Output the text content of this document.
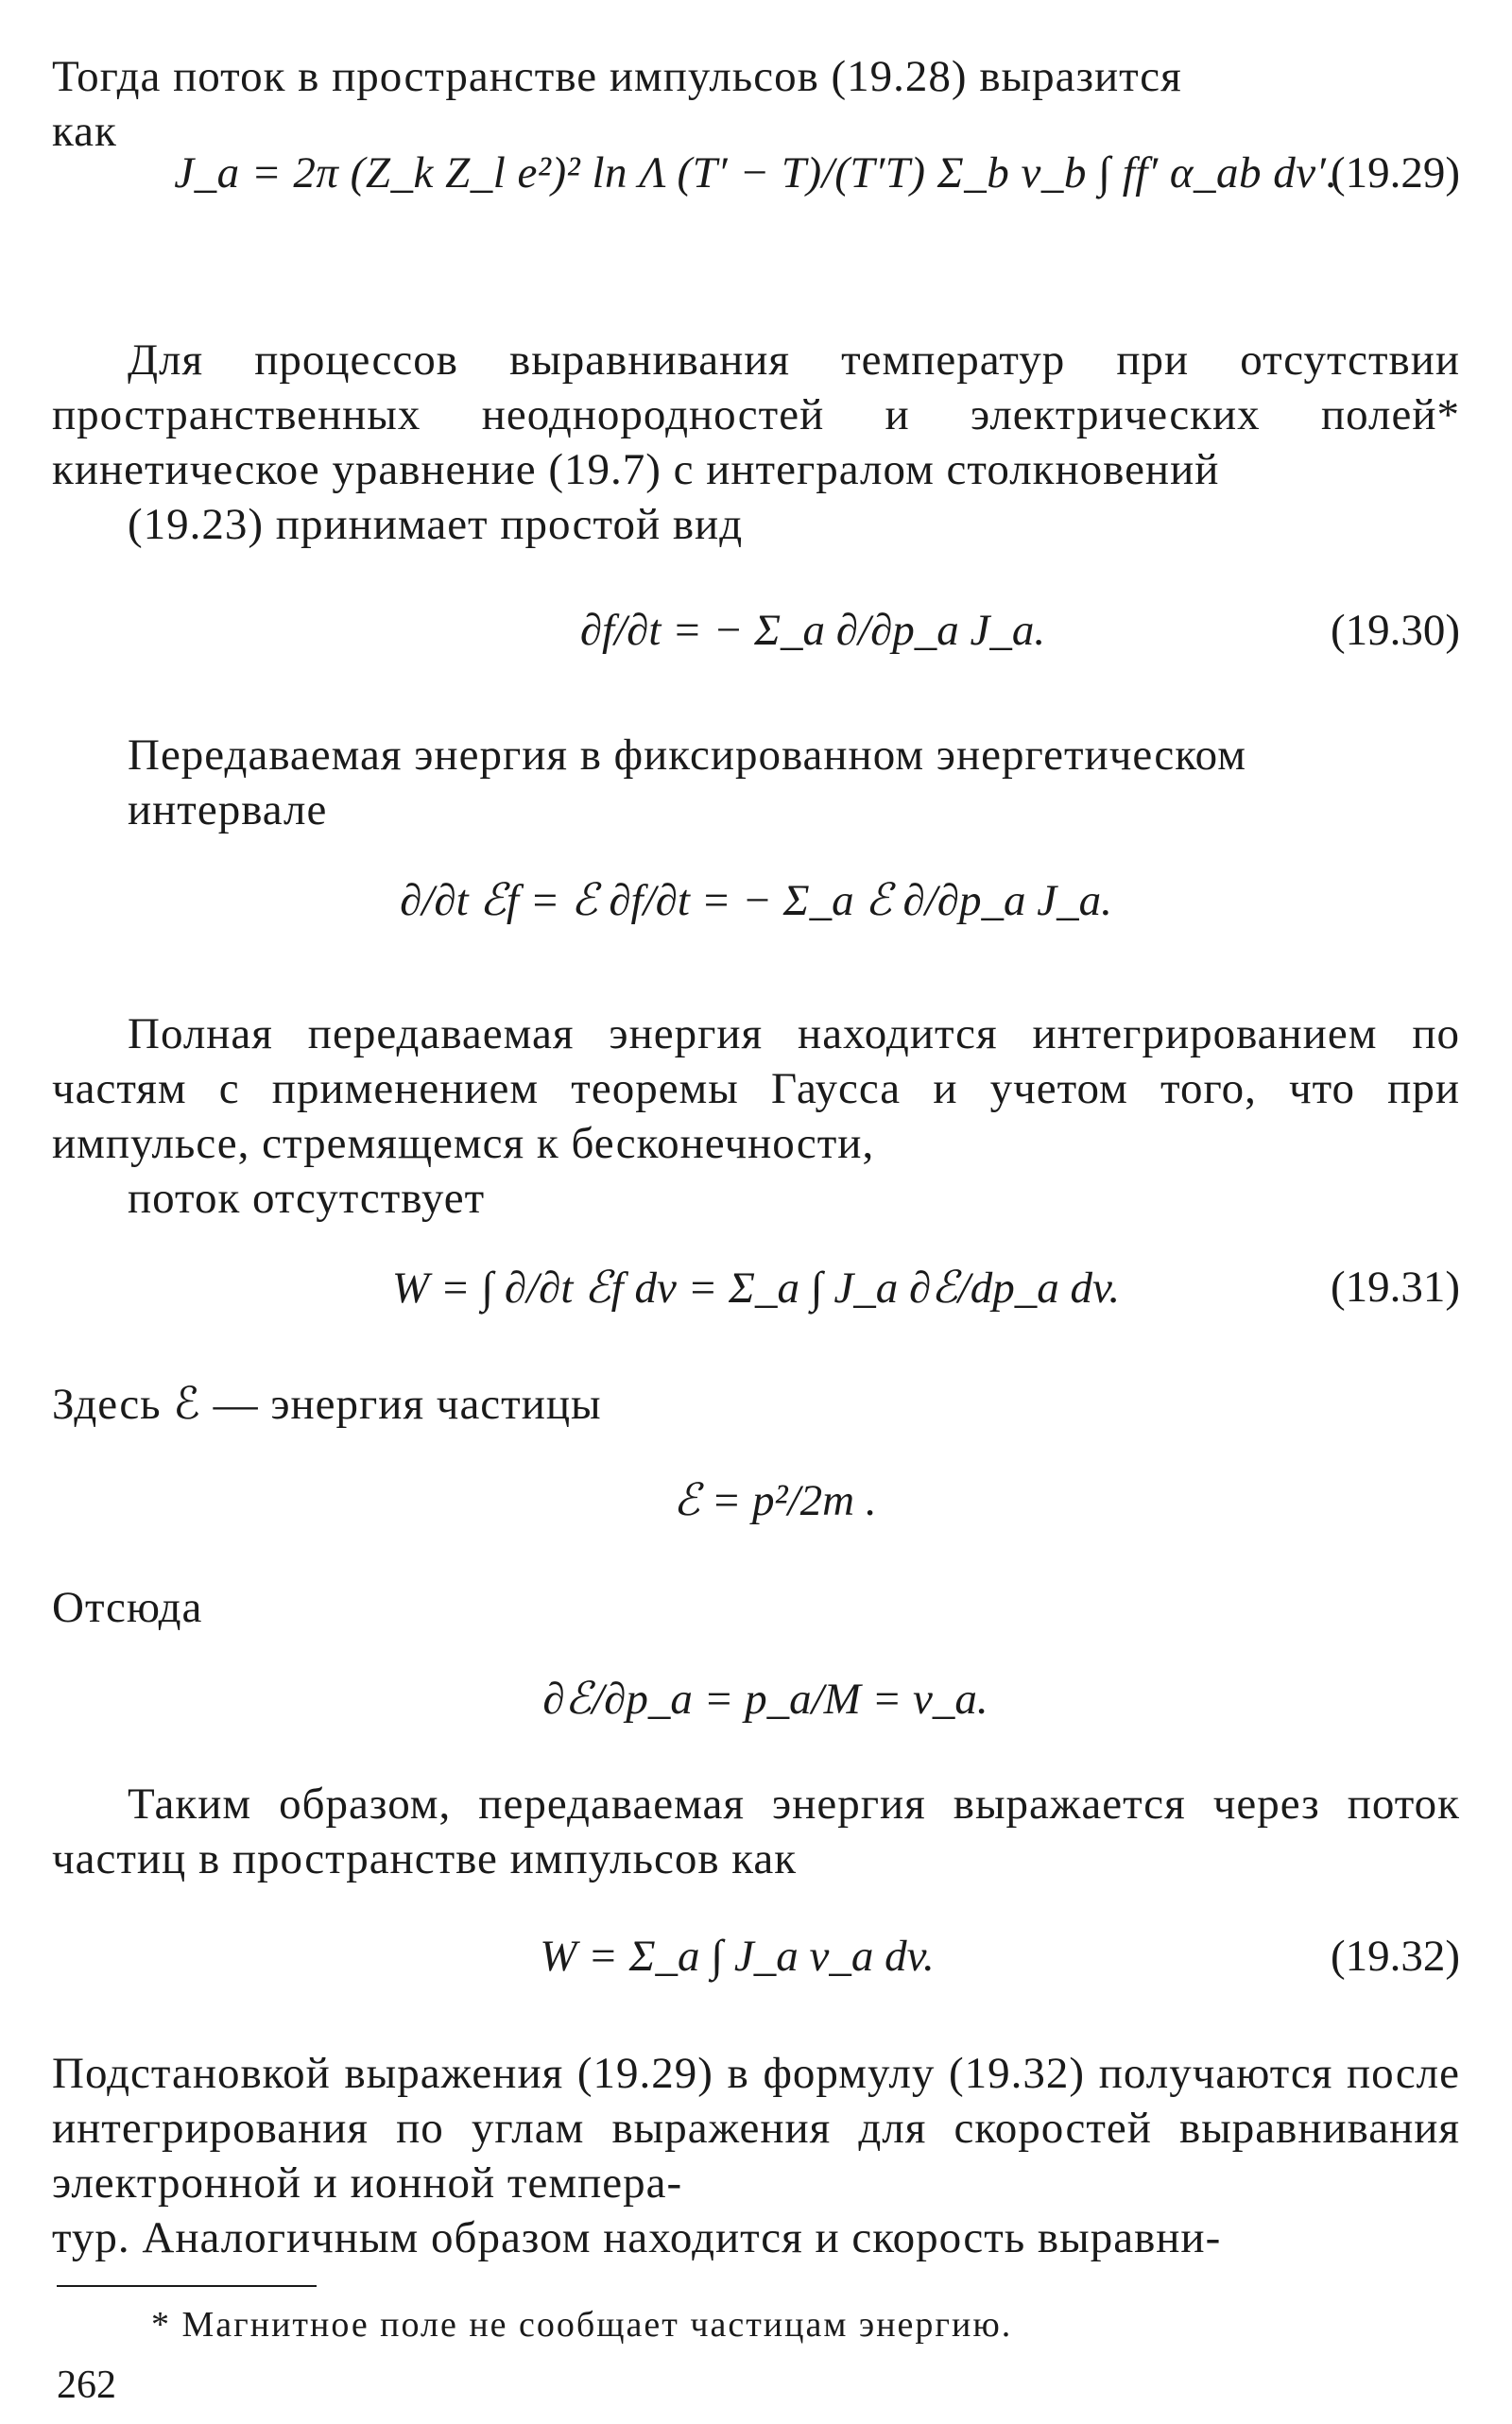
Тогда поток в пространстве импульсов (19.28) выразится
как

J_a = 2π (Z_k Z_l e²)² ln Λ (T′ − T)/(T′T) Σ_b v_b ∫ ff′ α_ab dv′.
(19.29)

Для процессов выравнивания температур при отсутствии пространственных неоднородностей и электрических полей* кинетическое уравнение (19.7) с интегралом столкновений
(19.23) принимает простой вид

∂f/∂t = − Σ_a ∂/∂p_a J_a.	(19.30)

Передаваемая энергия в фиксированном энергетическом
интервале

∂/∂t ℰf = ℰ ∂f/∂t = − Σ_a ℰ ∂/∂p_a J_a.

Полная передаваемая энергия находится интегрированием по частям с применением теоремы Гаусса и учетом того, что при импульсе, стремящемся к бесконечности,
поток отсутствует

W = ∫ ∂/∂t ℰf dv = Σ_a ∫ J_a ∂ℰ/dp_a dv.	(19.31)

Здесь ℰ — энергия частицы

ℰ = p²/2m .

Отсюда

∂ℰ/∂p_a = p_a/M = v_a.

Таким образом, передаваемая энергия выражается через поток частиц в пространстве импульсов как

W = Σ_a ∫ J_a v_a dv.	(19.32)

Подстановкой выражения (19.29) в формулу (19.32) получаются после интегрирования по углам выражения для скоростей выравнивания электронной и ионной темпера-
тур. Аналогичным образом находится и скорость выравни-

* Магнитное поле не сообщает частицам энергию.

262
